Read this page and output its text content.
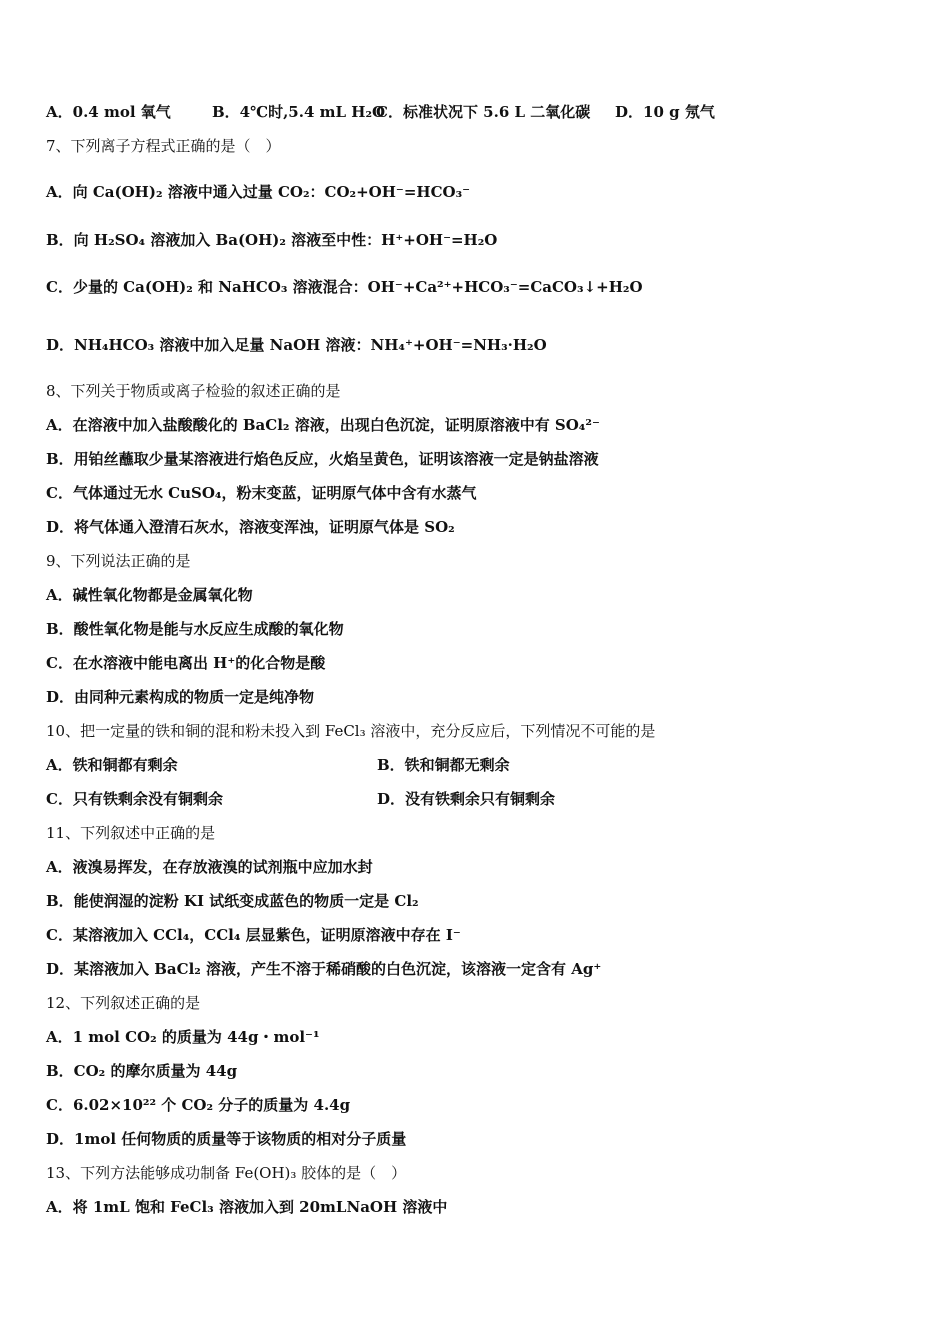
A．0.4 mol 氧气	B．4℃时,5.4 mL H₂O
C．标准状况下 5.6 L 二氧化碳 D．10 g 氖气
7、下列离子方程式正确的是（　）
A．向 Ca(OH)₂ 溶液中通入过量 CO₂：CO₂+OH⁻=HCO₃⁻
B．向 H₂SO₄ 溶液加入 Ba(OH)₂ 溶液至中性：H⁺+OH⁻=H₂O
C．少量的 Ca(OH)₂ 和 NaHCO₃ 溶液混合：OH⁻+Ca²⁺+HCO₃⁻=CaCO₃↓+H₂O
D．NH₄HCO₃ 溶液中加入足量 NaOH 溶液：NH₄⁺+OH⁻=NH₃·H₂O
8、下列关于物质或离子检验的叙述正确的是
A．在溶液中加入盐酸酸化的 BaCl₂ 溶液，出现白色沉淀，证明原溶液中有 SO₄²⁻
B．用铂丝蘸取少量某溶液进行焰色反应，火焰呈黄色，证明该溶液一定是钠盐溶液
C．气体通过无水 CuSO₄，粉末变蓝，证明原气体中含有水蒸气
D．将气体通入澄清石灰水，溶液变浑浊，证明原气体是 SO₂
9、下列说法正确的是
A．碱性氧化物都是金属氧化物
B．酸性氧化物是能与水反应生成酸的氧化物
C．在水溶液中能电离出 H⁺的化合物是酸
D．由同种元素构成的物质一定是纯净物
10、把一定量的铁和铜的混和粉未投入到 FeCl₃ 溶液中，充分反应后，下列情况不可能的是
A．铁和铜都有剩余	B．铁和铜都无剩余
C．只有铁剩余没有铜剩余	D．没有铁剩余只有铜剩余
11、下列叙述中正确的是
A．液溴易挥发，在存放液溴的试剂瓶中应加水封
B．能使润湿的淀粉 KI 试纸变成蓝色的物质一定是 Cl₂
C．某溶液加入 CCl₄，CCl₄ 层显紫色，证明原溶液中存在 I⁻
D．某溶液加入 BaCl₂ 溶液，产生不溶于稀硝酸的白色沉淀，该溶液一定含有 Ag⁺
12、下列叙述正确的是
A．1 mol CO₂ 的质量为 44g・mol⁻¹
B．CO₂ 的摩尔质量为 44g
C．6.02×10²² 个 CO₂ 分子的质量为 4.4g
D．1mol 任何物质的质量等于该物质的相对分子质量
13、下列方法能够成功制备 Fe(OH)₃ 胶体的是（　）
A．将 1mL 饱和 FeCl₃ 溶液加入到 20mLNaOH 溶液中
